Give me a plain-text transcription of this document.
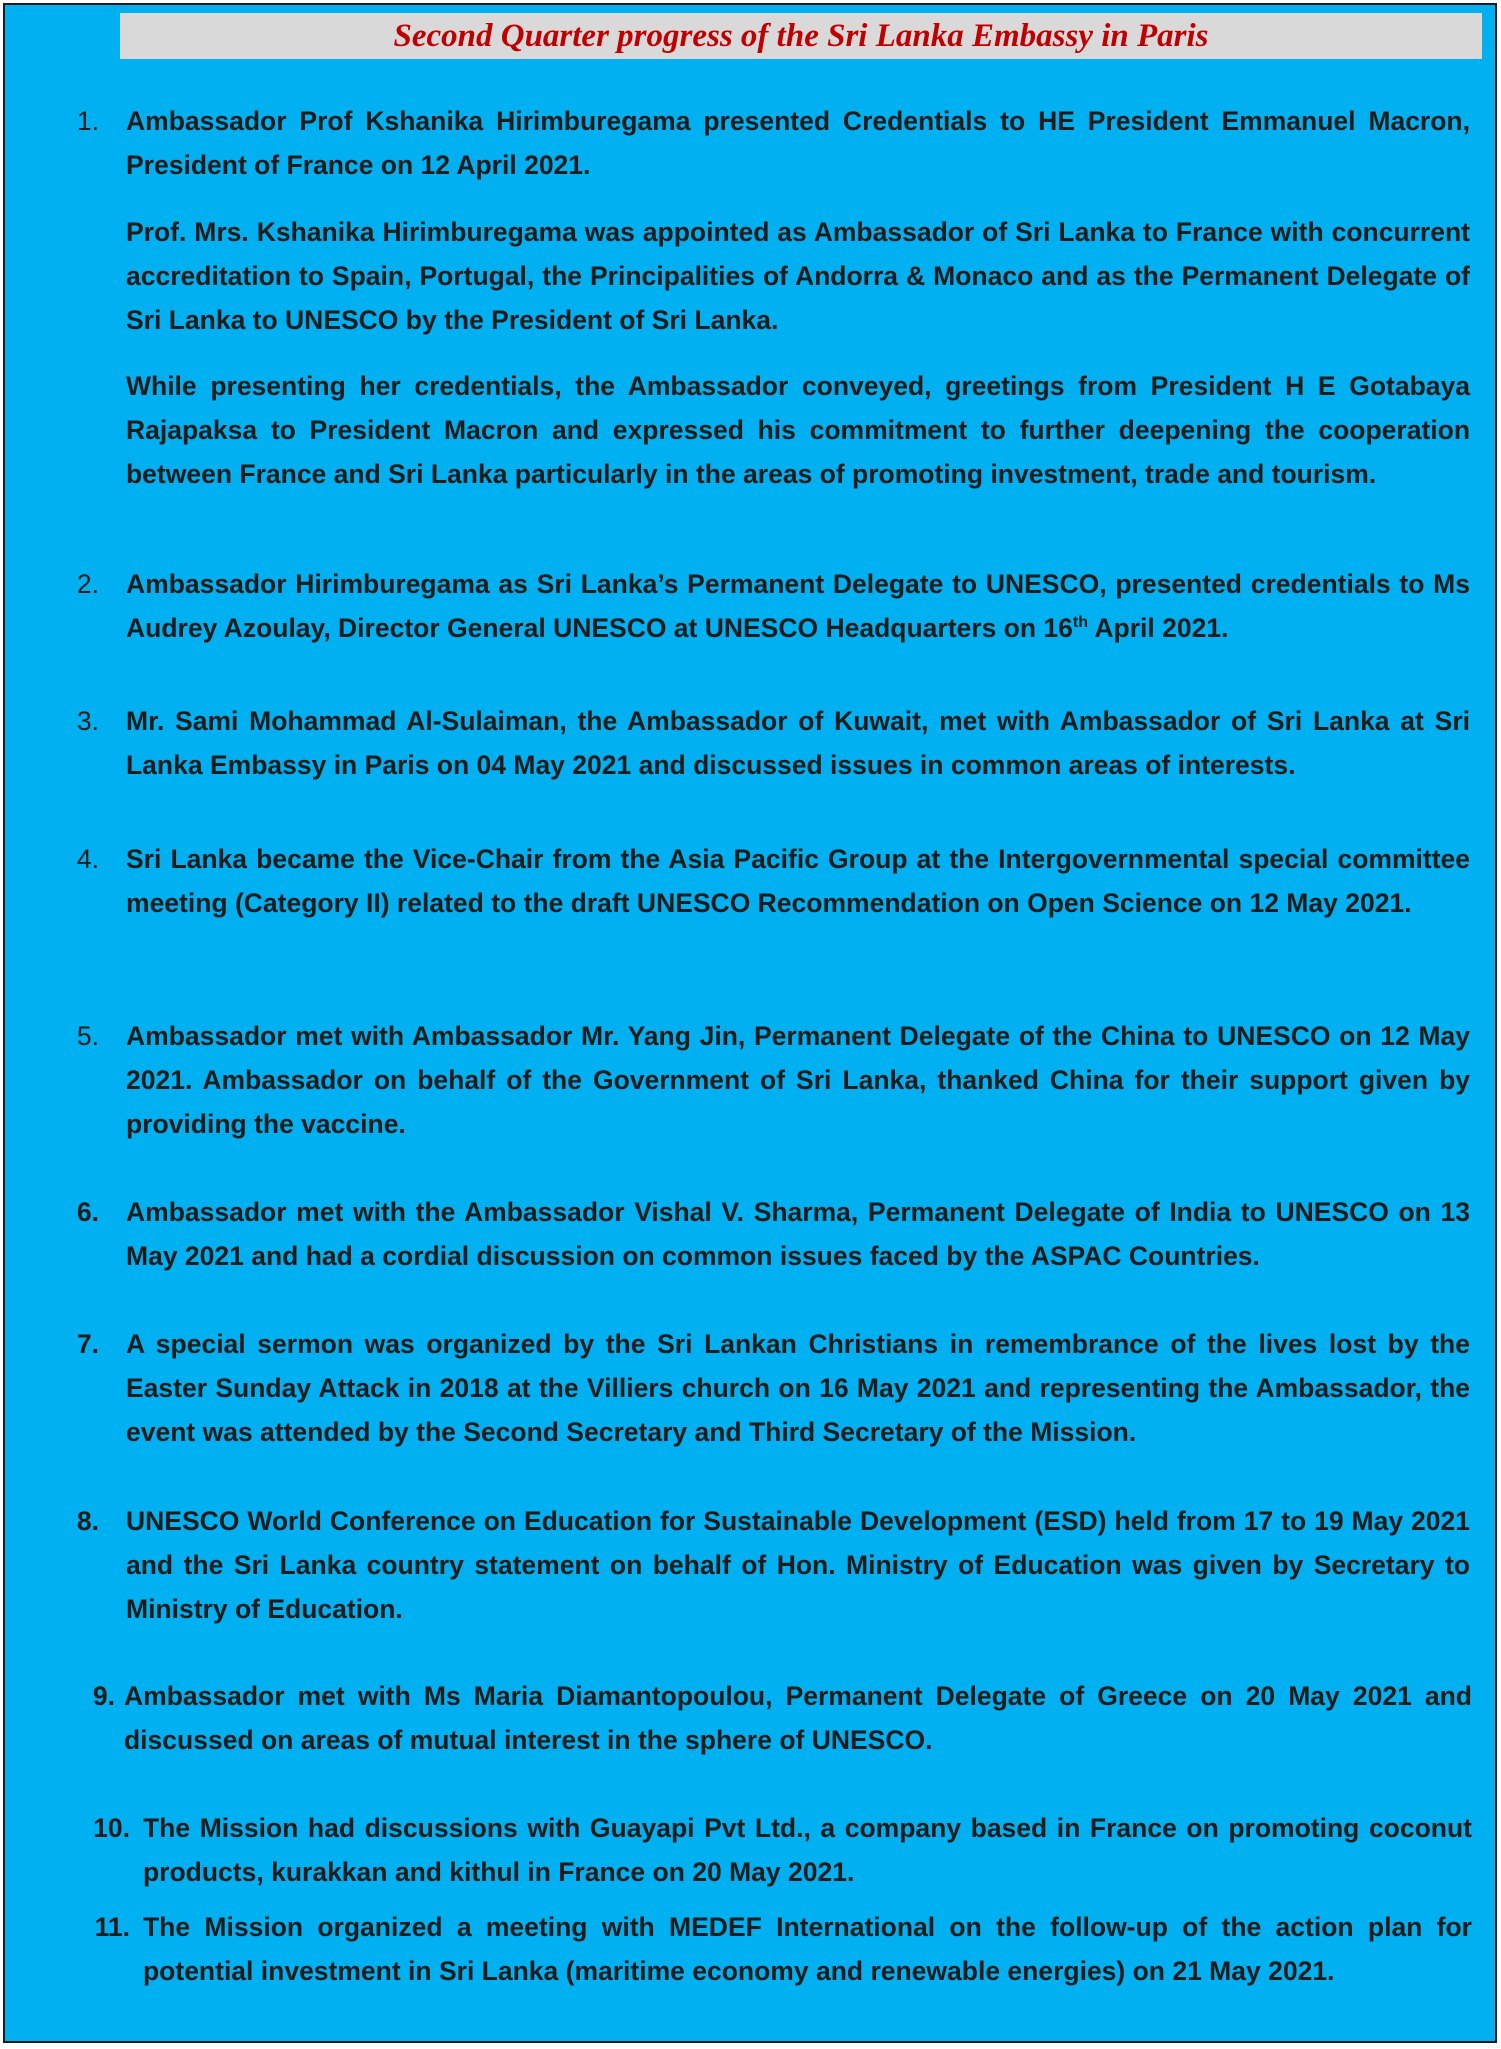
Second Quarter progress of the Sri Lanka Embassy in Paris
1. Ambassador Prof Kshanika Hirimburegama presented Credentials to HE President Emmanuel Macron, President of France on 12 April 2021.

Prof. Mrs. Kshanika Hirimburegama was appointed as Ambassador of Sri Lanka to France with concurrent accreditation to Spain, Portugal, the Principalities of Andorra & Monaco and as the Permanent Delegate of Sri Lanka to UNESCO by the President of Sri Lanka.

While presenting her credentials, the Ambassador conveyed, greetings from President H E Gotabaya Rajapaksa to President Macron and expressed his commitment to further deepening the cooperation between France and Sri Lanka particularly in the areas of promoting investment, trade and tourism.

2. Ambassador Hirimburegama as Sri Lanka’s Permanent Delegate to UNESCO, presented credentials to Ms Audrey Azoulay, Director General UNESCO at UNESCO Headquarters on 16th April 2021.

3. Mr. Sami Mohammad Al-Sulaiman, the Ambassador of Kuwait, met with Ambassador of Sri Lanka at Sri Lanka Embassy in Paris on 04 May 2021 and discussed issues in common areas of interests.

4. Sri Lanka became the Vice-Chair from the Asia Pacific Group at the Intergovernmental special committee meeting (Category II) related to the draft UNESCO Recommendation on Open Science on 12 May 2021.

5. Ambassador met with Ambassador Mr. Yang Jin, Permanent Delegate of the China to UNESCO on 12 May 2021. Ambassador on behalf of the Government of Sri Lanka, thanked China for their support given by providing the vaccine.

6. Ambassador met with the Ambassador Vishal V. Sharma, Permanent Delegate of India to UNESCO on 13 May 2021 and had a cordial discussion on common issues faced by the ASPAC Countries.

7. A special sermon was organized by the Sri Lankan Christians in remembrance of the lives lost by the Easter Sunday Attack in 2018 at the Villiers church on 16 May 2021 and representing the Ambassador, the event was attended by the Second Secretary and Third Secretary of the Mission.

8. UNESCO World Conference on Education for Sustainable Development (ESD) held from 17 to 19 May 2021 and the Sri Lanka country statement on behalf of Hon. Ministry of Education was given by Secretary to Ministry of Education.

9. Ambassador met with Ms Maria Diamantopoulou, Permanent Delegate of Greece on 20 May 2021 and discussed on areas of mutual interest in the sphere of UNESCO.

10. The Mission had discussions with Guayapi Pvt Ltd., a company based in France on promoting coconut products, kurakkan and kithul in France on 20 May 2021.

11. The Mission organized a meeting with MEDEF International on the follow-up of the action plan for potential investment in Sri Lanka (maritime economy and renewable energies) on 21 May 2021.
